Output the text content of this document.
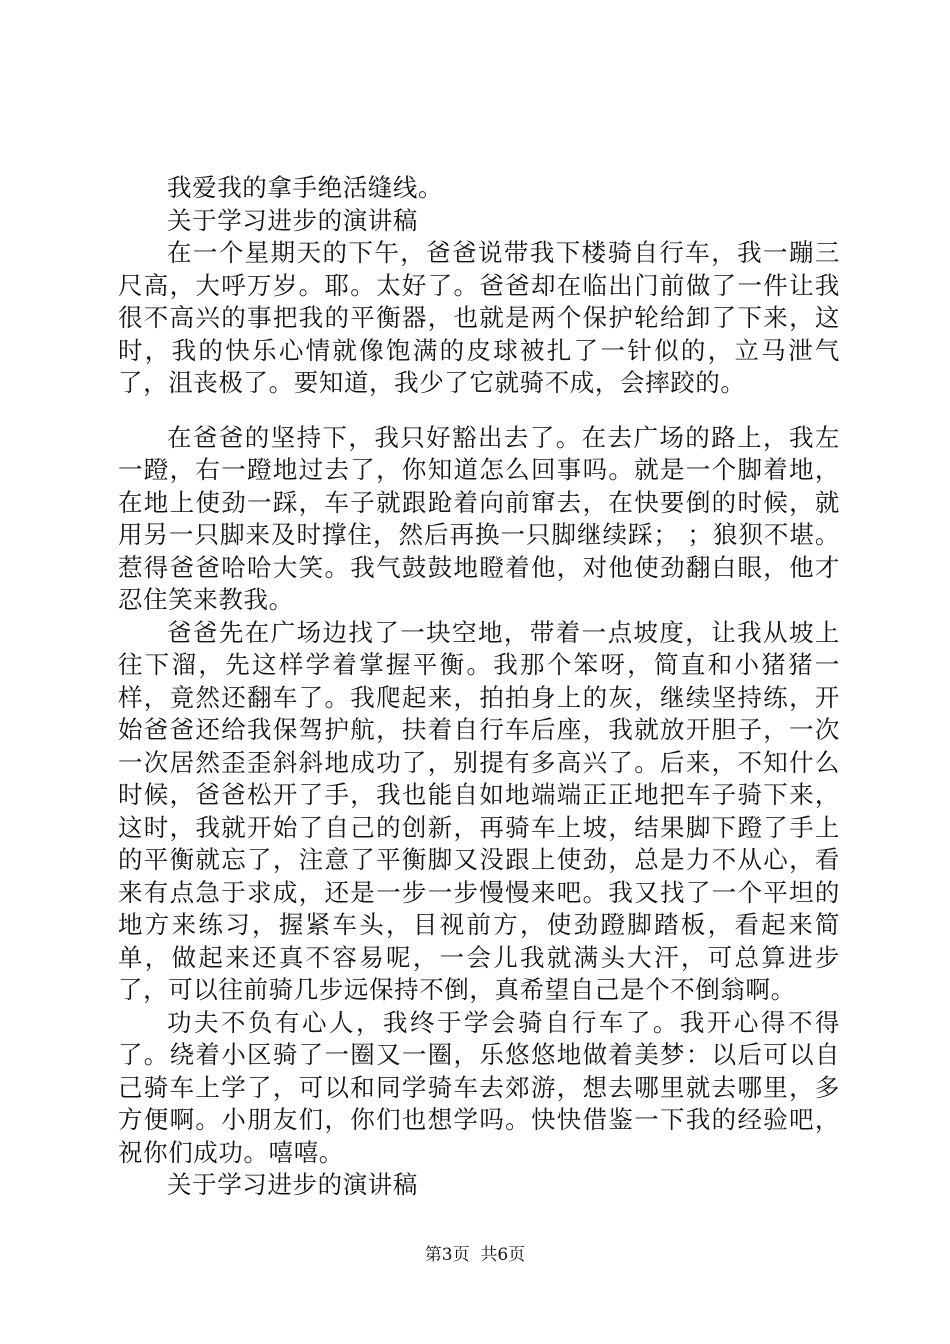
我爱我的拿手绝活缝线。

关于学习进步的演讲稿

在一个星期天的下午，爸爸说带我下楼骑自行车，我一蹦三尺高，大呼万岁。耶。太好了。爸爸却在临出门前做了一件让我很不高兴的事把我的平衡器，也就是两个保护轮给卸了下来，这时，我的快乐心情就像饱满的皮球被扎了一针似的，立马泄气了，沮丧极了。要知道，我少了它就骑不成，会摔跤的。

在爸爸的坚持下，我只好豁出去了。在去广场的路上，我左一蹬，右一蹬地过去了，你知道怎么回事吗。就是一个脚着地，在地上使劲一踩，车子就跟跄着向前窜去，在快要倒的时候，就用另一只脚来及时撑住，然后再换一只脚继续踩； ；狼狈不堪。惹得爸爸哈哈大笑。我气鼓鼓地瞪着他，对他使劲翻白眼，他才忍住笑来教我。

爸爸先在广场边找了一块空地，带着一点坡度，让我从坡上往下溜，先这样学着掌握平衡。我那个笨呀，简直和小猪猪一样，竟然还翻车了。我爬起来，拍拍身上的灰，继续坚持练，开始爸爸还给我保驾护航，扶着自行车后座，我就放开胆子，一次一次居然歪歪斜斜地成功了，别提有多高兴了。后来，不知什么时候，爸爸松开了手，我也能自如地端端正正地把车子骑下来，这时，我就开始了自己的创新，再骑车上坡，结果脚下蹬了手上的平衡就忘了，注意了平衡脚又没跟上使劲，总是力不从心，看来有点急于求成，还是一步一步慢慢来吧。我又找了一个平坦的地方来练习，握紧车头，目视前方，使劲蹬脚踏板，看起来简单，做起来还真不容易呢，一会儿我就满头大汗，可总算进步了，可以往前骑几步远保持不倒，真希望自己是个不倒翁啊。

功夫不负有心人，我终于学会骑自行车了。我开心得不得了。绕着小区骑了一圈又一圈，乐悠悠地做着美梦：以后可以自己骑车上学了，可以和同学骑车去郊游，想去哪里就去哪里，多方便啊。小朋友们，你们也想学吗。快快借鉴一下我的经验吧，祝你们成功。嘻嘻。

关于学习进步的演讲稿

第3页 共6页
